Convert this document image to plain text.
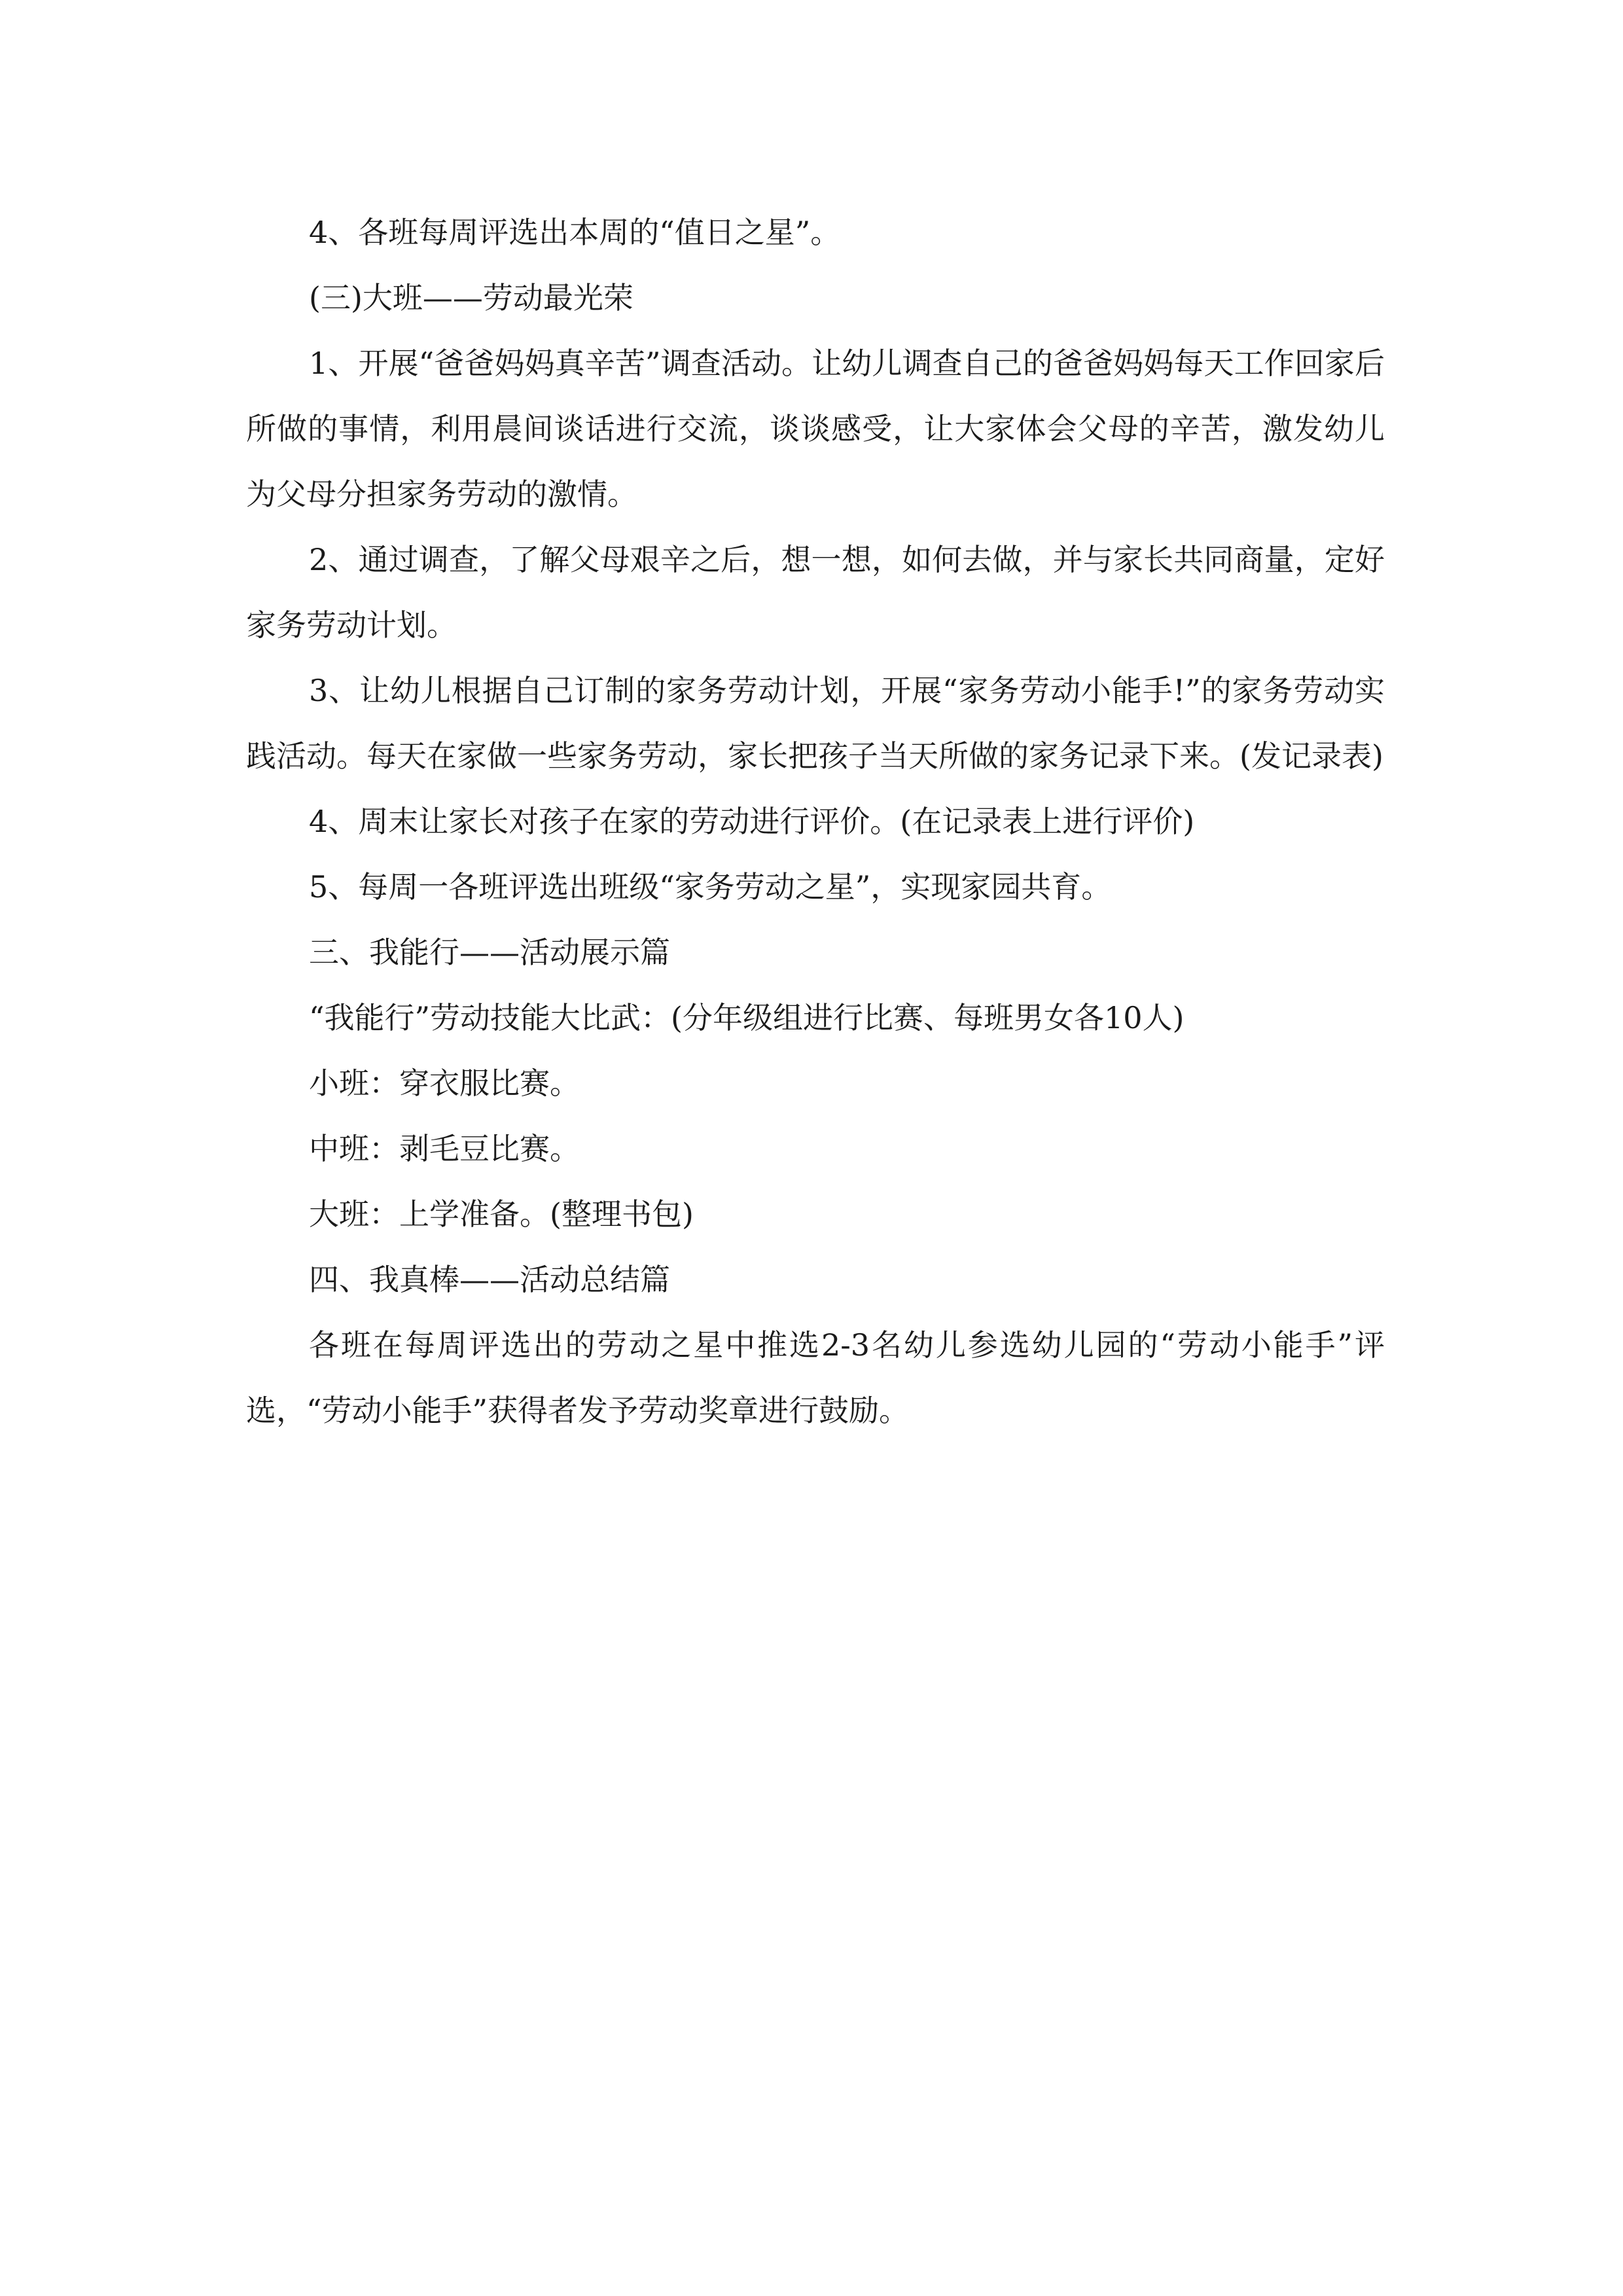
4、各班每周评选出本周的“值日之星”。

(三)大班——劳动最光荣

1、开展“爸爸妈妈真辛苦”调查活动。让幼儿调查自己的爸爸妈妈每天工作回家后所做的事情，利用晨间谈话进行交流，谈谈感受，让大家体会父母的辛苦，激发幼儿为父母分担家务劳动的激情。

2、通过调查，了解父母艰辛之后，想一想，如何去做，并与家长共同商量，定好家务劳动计划。

3、让幼儿根据自己订制的家务劳动计划，开展“家务劳动小能手!”的家务劳动实践活动。每天在家做一些家务劳动，家长把孩子当天所做的家务记录下来。(发记录表)

4、周末让家长对孩子在家的劳动进行评价。(在记录表上进行评价)

5、每周一各班评选出班级“家务劳动之星”，实现家园共育。

三、我能行——活动展示篇

“我能行”劳动技能大比武：(分年级组进行比赛、每班男女各10人)

小班：穿衣服比赛。

中班：剥毛豆比赛。

大班：上学准备。(整理书包)

四、我真棒——活动总结篇

各班在每周评选出的劳动之星中推选2-3名幼儿参选幼儿园的“劳动小能手”评选，“劳动小能手”获得者发予劳动奖章进行鼓励。
